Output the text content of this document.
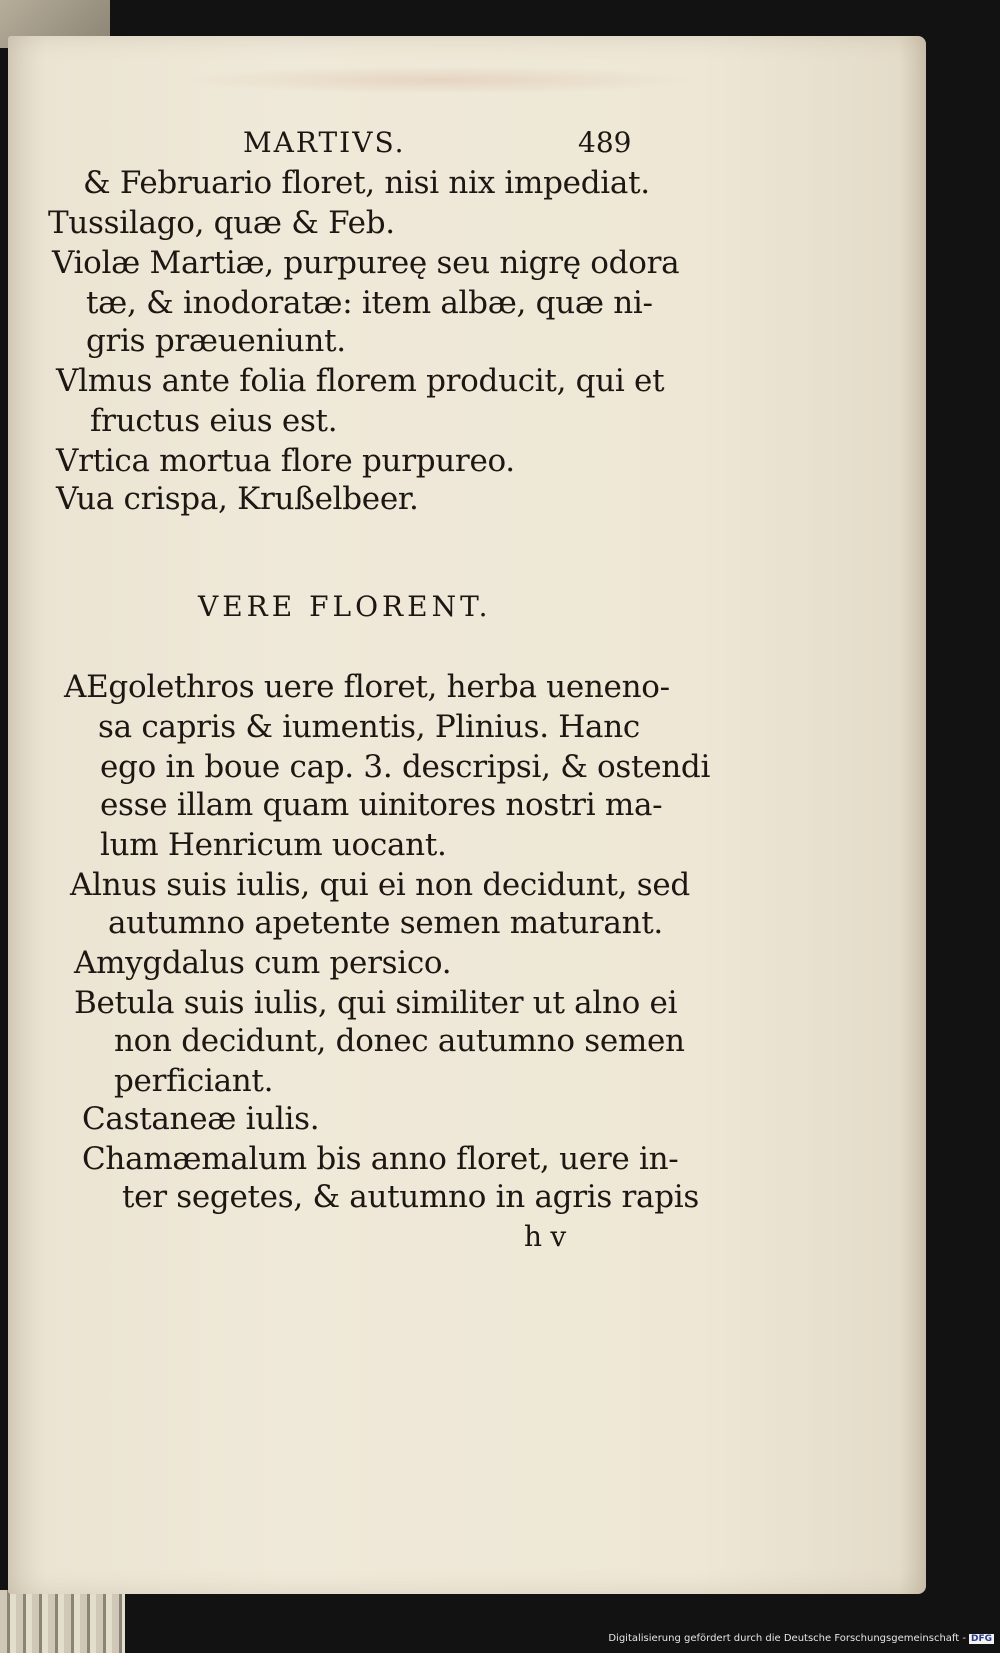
MARTIVS.	489
& Februario floret, nisi nix impediat.
Tussilago, quæ & Feb.
Violæ Martiæ, purpureę seu nigrę odora
tæ, & inodoratæ: item albæ, quæ ni-
gris præueniunt.
Vlmus ante folia florem producit, qui et
fructus eius est.
Vrtica mortua flore purpureo.
Vua crispa, Krußelbeer.
VERE FLORENT.
AEgolethros uere floret, herba ueneno-
sa capris & iumentis, Plinius. Hanc
ego in boue cap. 3. descripsi, & ostendi
esse illam quam uinitores nostri ma-
lum Henricum uocant.
Alnus suis iulis, qui ei non decidunt, sed
autumno apetente semen maturant.
Amygdalus cum persico.
Betula suis iulis, qui similiter ut alno ei
non decidunt, donec autumno semen
perficiant.
Castaneæ iulis.
Chamæmalum bis anno floret, uere in-
ter segetes, & autumno in agris rapis
h v
Digitalisierung gefördert durch die Deutsche Forschungsgemeinschaft - DFG
